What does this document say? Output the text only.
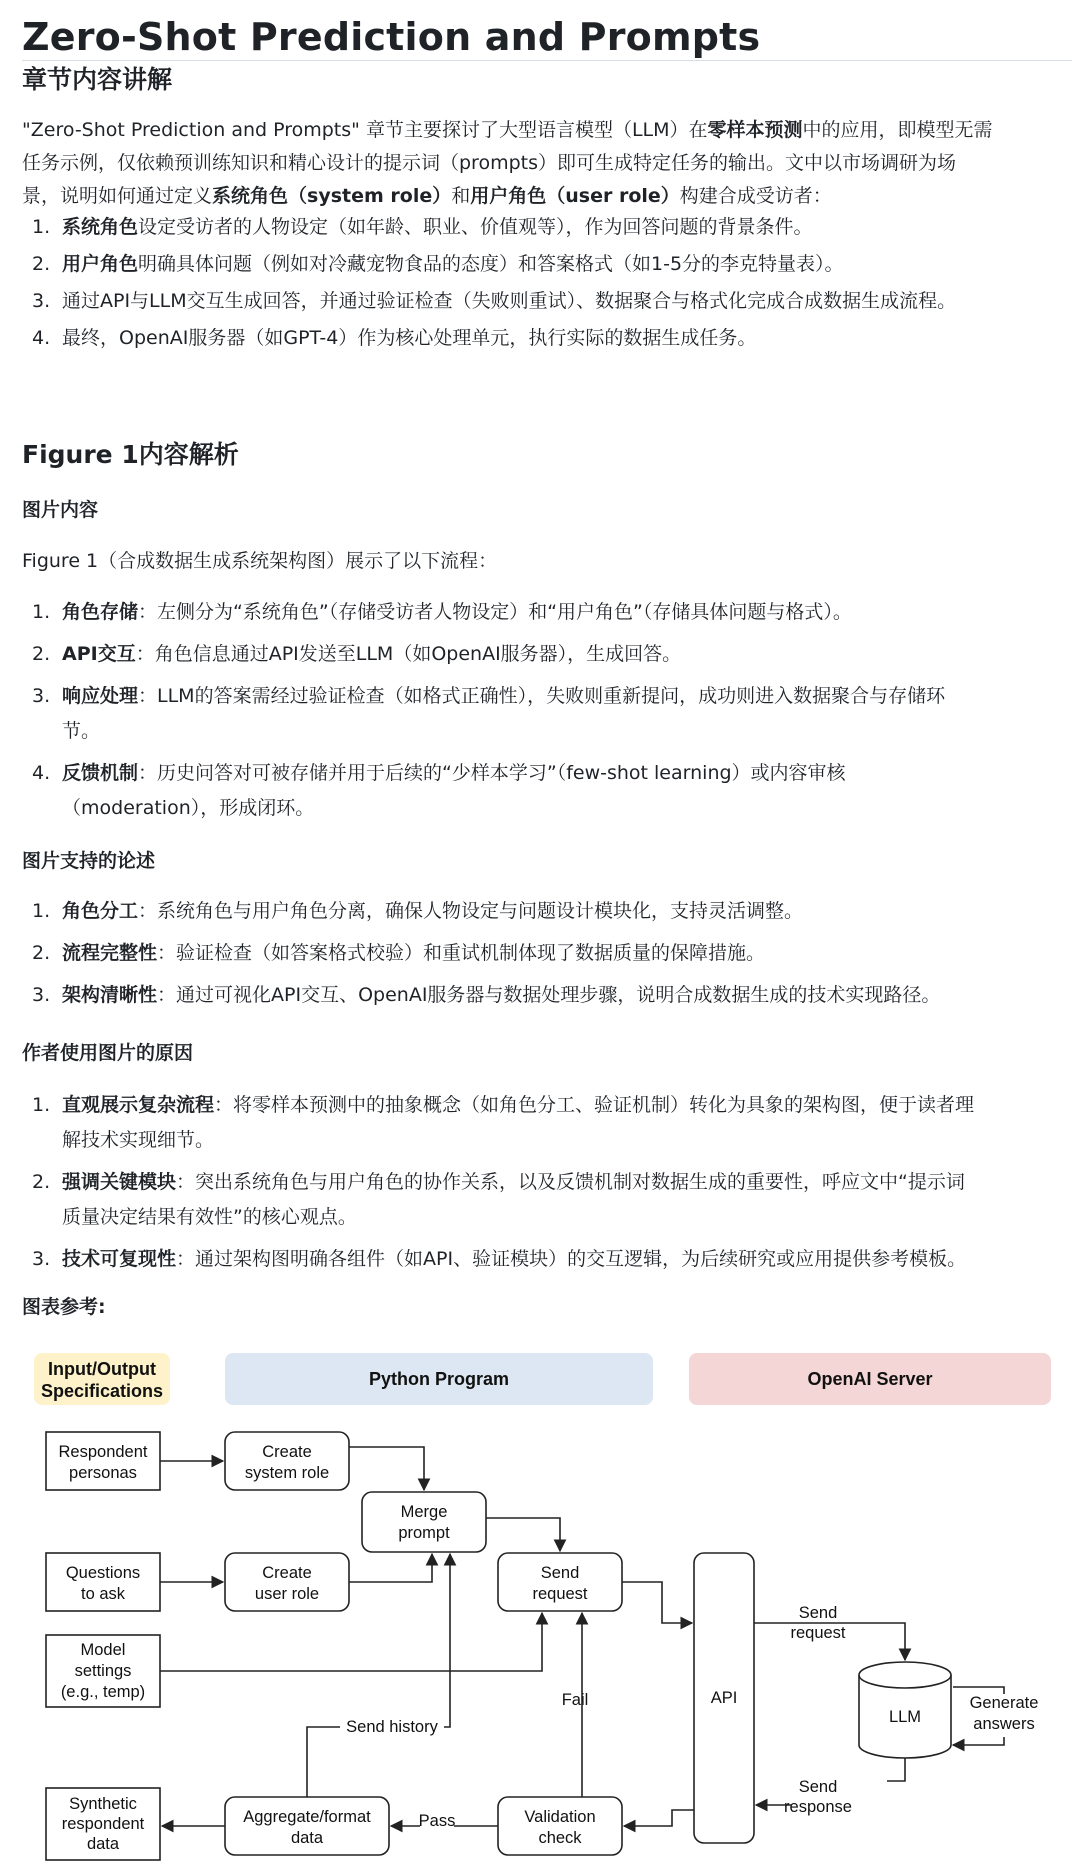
Zero-Shot Prediction and Prompts
章节内容讲解
"Zero-Shot Prediction and Prompts" 章节主要探讨了大型语言模型（LLM）在零样本预测中的应用，即模型无需
任务示例，仅依赖预训练知识和精心设计的提示词（prompts）即可生成特定任务的输出。文中以市场调研为场
景，说明如何通过定义系统角色（system role）和用户角色（user role）构建合成受访者：
1. 系统角色设定受访者的人物设定（如年龄、职业、价值观等），作为回答问题的背景条件。
2. 用户角色明确具体问题（例如对冷藏宠物食品的态度）和答案格式（如1-5分的李克特量表）。
3. 通过API与LLM交互生成回答，并通过验证检查（失败则重试）、数据聚合与格式化完成合成数据生成流程。
4. 最终，OpenAI服务器（如GPT-4）作为核心处理单元，执行实际的数据生成任务。
Figure 1内容解析
图片内容
Figure 1（合成数据生成系统架构图）展示了以下流程：
1. 角色存储：左侧分为“系统角色”（存储受访者人物设定）和“用户角色”（存储具体问题与格式）。
2. API交互：角色信息通过API发送至LLM（如OpenAI服务器），生成回答。
3. 响应处理：LLM的答案需经过验证检查（如格式正确性），失败则重新提问，成功则进入数据聚合与存储环
节。
4. 反馈机制：历史问答对可被存储并用于后续的“少样本学习”（few-shot learning）或内容审核
（moderation），形成闭环。
图片支持的论述
1. 角色分工：系统角色与用户角色分离，确保人物设定与问题设计模块化，支持灵活调整。
2. 流程完整性：验证检查（如答案格式校验）和重试机制体现了数据质量的保障措施。
3. 架构清晰性：通过可视化API交互、OpenAI服务器与数据处理步骤，说明合成数据生成的技术实现路径。
作者使用图片的原因
1. 直观展示复杂流程：将零样本预测中的抽象概念（如角色分工、验证机制）转化为具象的架构图，便于读者理
解技术实现细节。
2. 强调关键模块：突出系统角色与用户角色的协作关系，以及反馈机制对数据生成的重要性，呼应文中“提示词
质量决定结果有效性”的核心观点。
3. 技术可复现性：通过架构图明确各组件（如API、验证模块）的交互逻辑，为后续研究或应用提供参考模板。
图表参考:
Input/Output
Specifications
Python Program	OpenAI Server
Respondent
personas
Create
system role
Merge
prompt
Questions
to ask
Create
user role
Send
request
Model
settings
(e.g., temp)	API
LLM
Generate
answers
Send
request
Synthetic
respondent
data
Aggregate/format
data
Validation
check
Fail
Pass
Send history
Send
response
